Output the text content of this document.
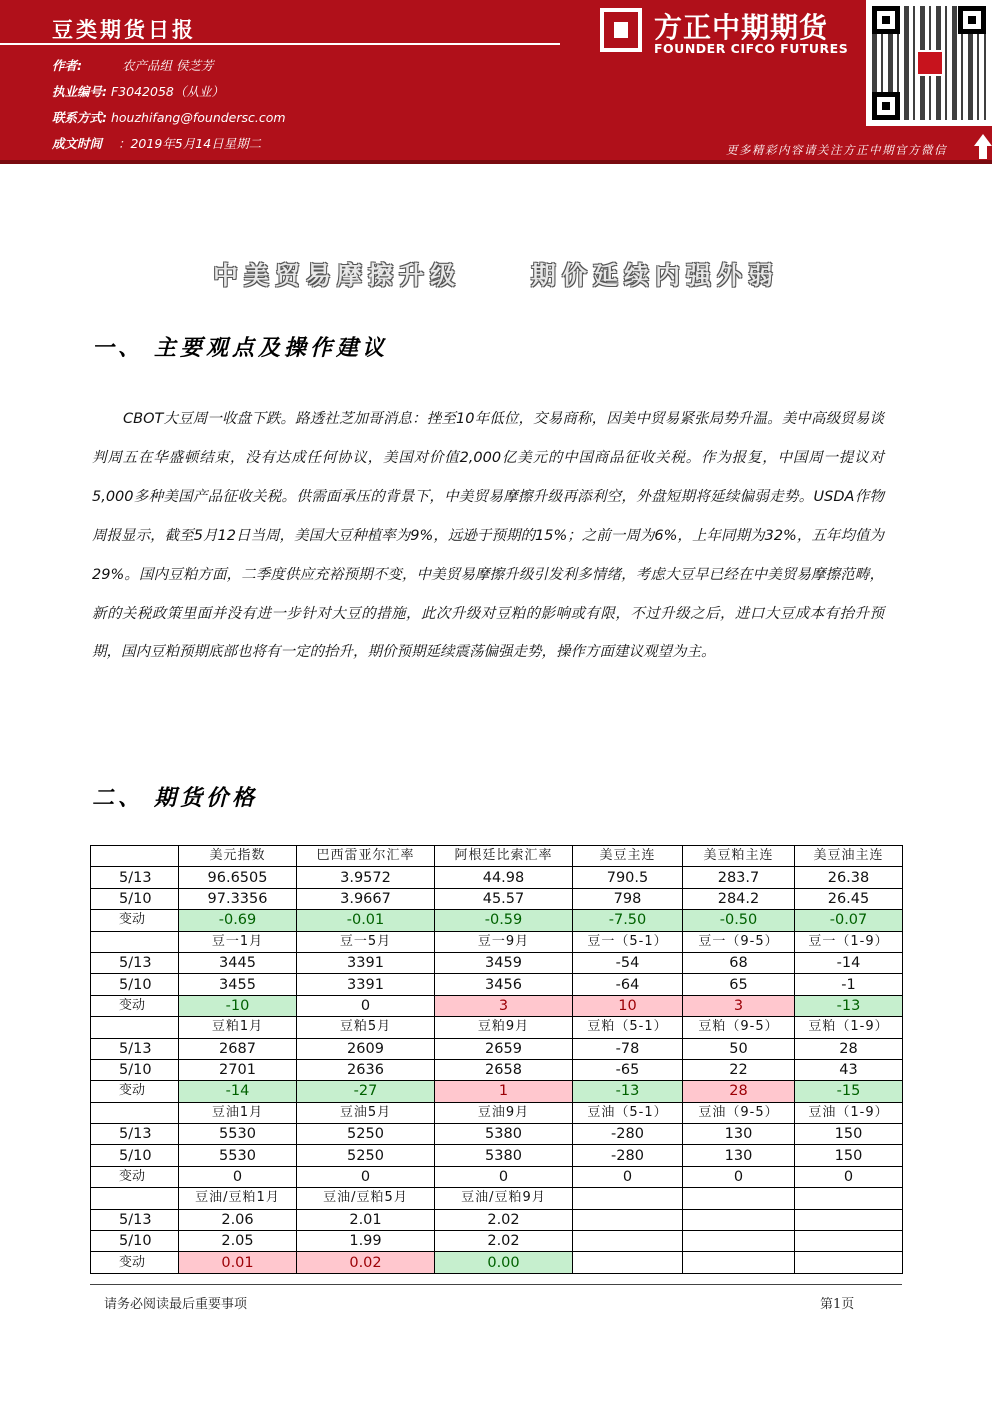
豆类期货日报
作者:	农产品组 侯芝芳
执业编号: F3042058（从业）
联系方式: houzhifang@foundersc.com
成文时间 ：2019年5月14日星期二
方正中期期货
FOUNDER CIFCO FUTURES
更多精彩内容请关注方正中期官方微信
中美贸易摩擦升级	期价延续内强外弱
一、 主要观点及操作建议
CBOT大豆周一收盘下跌。路透社芝加哥消息：挫至10年低位，交易商称，因美中贸易紧张局势升温。美中高级贸易谈判周五在华盛顿结束，没有达成任何协议，美国对价值2,000亿美元的中国商品征收关税。作为报复，中国周一提议对5,000多种美国产品征收关税。供需面承压的背景下，中美贸易摩擦升级再添利空，外盘短期将延续偏弱走势。USDA作物周报显示，截至5月12日当周，美国大豆种植率为9%，远逊于预期的15%；之前一周为6%，上年同期为32%，五年均值为29%。国内豆粕方面，二季度供应充裕预期不变，中美贸易摩擦升级引发利多情绪，考虑大豆早已经在中美贸易摩擦范畴，新的关税政策里面并没有进一步针对大豆的措施，此次升级对豆粕的影响或有限，不过升级之后，进口大豆成本有抬升预期，国内豆粕预期底部也将有一定的抬升，期价预期延续震荡偏强走势，操作方面建议观望为主。
二、 期货价格
	美元指数	巴西雷亚尔汇率	阿根廷比索汇率	美豆主连	美豆粕主连	美豆油主连
5/13	96.6505	3.9572	44.98	790.5	283.7	26.38
5/10	97.3356	3.9667	45.57	798	284.2	26.45
变动	-0.69	-0.01	-0.59	-7.50	-0.50	-0.07
	豆一1月	豆一5月	豆一9月	豆一（5-1）	豆一（9-5）	豆一（1-9）
5/13	3445	3391	3459	-54	68	-14
5/10	3455	3391	3456	-64	65	-1
变动	-10	0	3	10	3	-13
	豆粕1月	豆粕5月	豆粕9月	豆粕（5-1）	豆粕（9-5）	豆粕（1-9）
5/13	2687	2609	2659	-78	50	28
5/10	2701	2636	2658	-65	22	43
变动	-14	-27	1	-13	28	-15
	豆油1月	豆油5月	豆油9月	豆油（5-1）	豆油（9-5）	豆油（1-9）
5/13	5530	5250	5380	-280	130	150
5/10	5530	5250	5380	-280	130	150
变动	0	0	0	0	0	0
	豆油/豆粕1月	豆油/豆粕5月	豆油/豆粕9月			
5/13	2.06	2.01	2.02			
5/10	2.05	1.99	2.02			
变动	0.01	0.02	0.00			
请务必阅读最后重要事项	第1页
